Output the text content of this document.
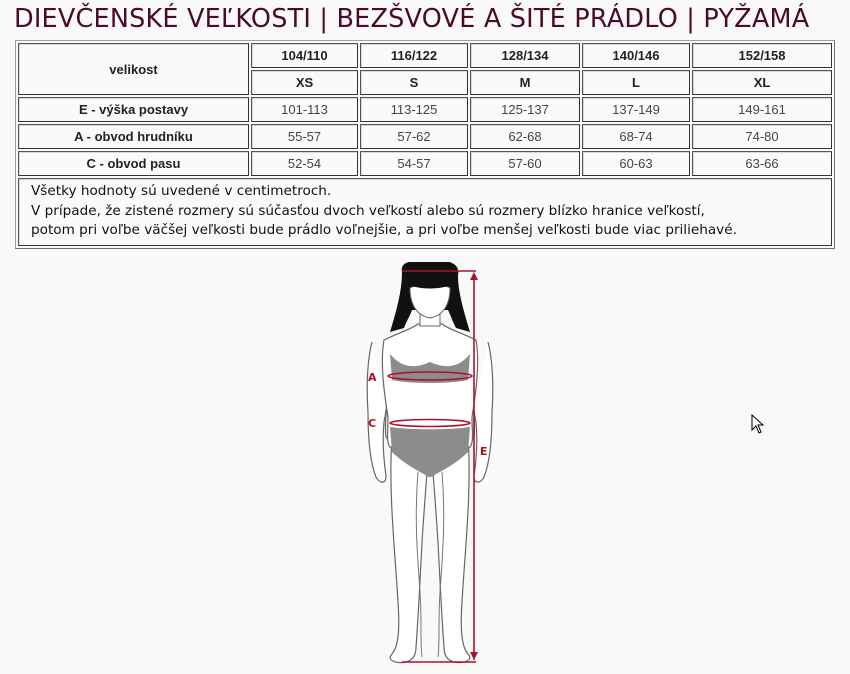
DIEVČENSKÉ VEĽKOSTI | BEZŠVOVÉ A ŠITÉ PRÁDLO | PYŽAMÁ
velikost	104/110	116/122	128/134	140/146	152/158
	XS	S	M	L	XL
E - výška postavy	101-113	113-125	125-137	137-149	149-161
A - obvod hrudníku	55-57	57-62	62-68	68-74	74-80
C - obvod pasu	52-54	54-57	57-60	60-63	63-66

Všetky hodnoty sú uvedené v centimetroch.
V prípade, že zistené rozmery sú súčasťou dvoch veľkostí alebo sú rozmery blízko hranice veľkostí,
potom pri voľbe väčšej veľkosti bude prádlo voľnejšie, a pri voľbe menšej veľkosti bude viac priliehavé.					
A
C
E
